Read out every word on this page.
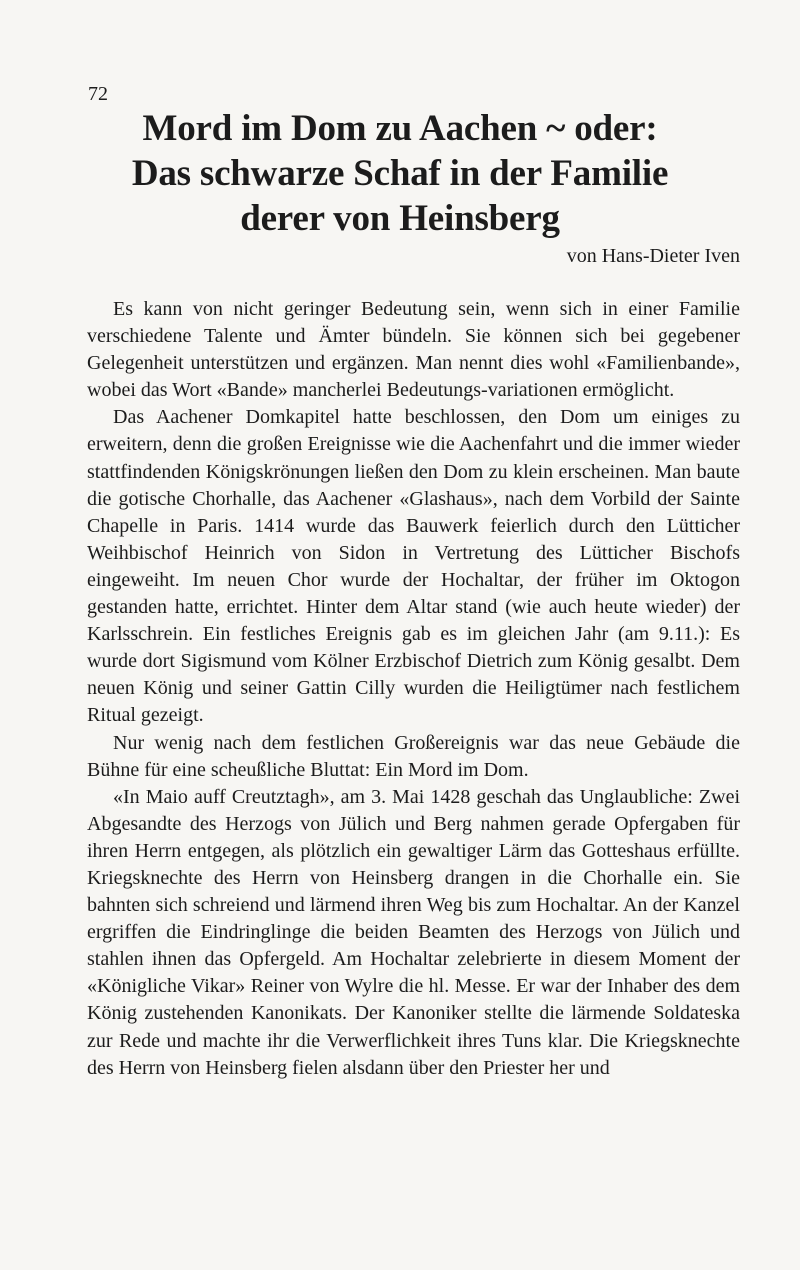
72
Mord im Dom zu Aachen ~ oder:
Das schwarze Schaf in der Familie
derer von Heinsberg
von Hans-Dieter Iven

Es kann von nicht geringer Bedeutung sein, wenn sich in einer Familie verschiedene Talente und Ämter bündeln. Sie können sich bei gegebener Gelegenheit unterstützen und ergänzen. Man nennt dies wohl «Familienbande», wobei das Wort «Bande» mancherlei Bedeutungs-variationen ermöglicht.

Das Aachener Domkapitel hatte beschlossen, den Dom um einiges zu erweitern, denn die großen Ereignisse wie die Aachenfahrt und die immer wieder stattfindenden Königskrönungen ließen den Dom zu klein erscheinen. Man baute die gotische Chorhalle, das Aachener «Glashaus», nach dem Vorbild der Sainte Chapelle in Paris. 1414 wurde das Bauwerk feierlich durch den Lütticher Weihbischof Heinrich von Sidon in Vertretung des Lütticher Bischofs eingeweiht. Im neuen Chor wurde der Hochaltar, der früher im Oktogon gestanden hatte, errichtet. Hinter dem Altar stand (wie auch heute wieder) der Karlsschrein. Ein festliches Ereignis gab es im gleichen Jahr (am 9.11.): Es wurde dort Sigismund vom Kölner Erzbischof Dietrich zum König gesalbt. Dem neuen König und seiner Gattin Cilly wurden die Heiligtümer nach festlichem Ritual gezeigt.

Nur wenig nach dem festlichen Großereignis war das neue Gebäude die Bühne für eine scheußliche Bluttat: Ein Mord im Dom.

«In Maio auff Creutztagh», am 3. Mai 1428 geschah das Unglaubliche: Zwei Abgesandte des Herzogs von Jülich und Berg nahmen gerade Opfergaben für ihren Herrn entgegen, als plötzlich ein gewaltiger Lärm das Gotteshaus erfüllte. Kriegsknechte des Herrn von Heinsberg drangen in die Chorhalle ein. Sie bahnten sich schreiend und lärmend ihren Weg bis zum Hochaltar. An der Kanzel ergriffen die Eindringlinge die beiden Beamten des Herzogs von Jülich und stahlen ihnen das Opfergeld. Am Hochaltar zelebrierte in diesem Moment der «Königliche Vikar» Reiner von Wylre die hl. Messe. Er war der Inhaber des dem König zustehenden Kanonikats. Der Kanoniker stellte die lärmende Soldateska zur Rede und machte ihr die Verwerflichkeit ihres Tuns klar. Die Kriegsknechte des Herrn von Heinsberg fielen alsdann über den Priester her und
